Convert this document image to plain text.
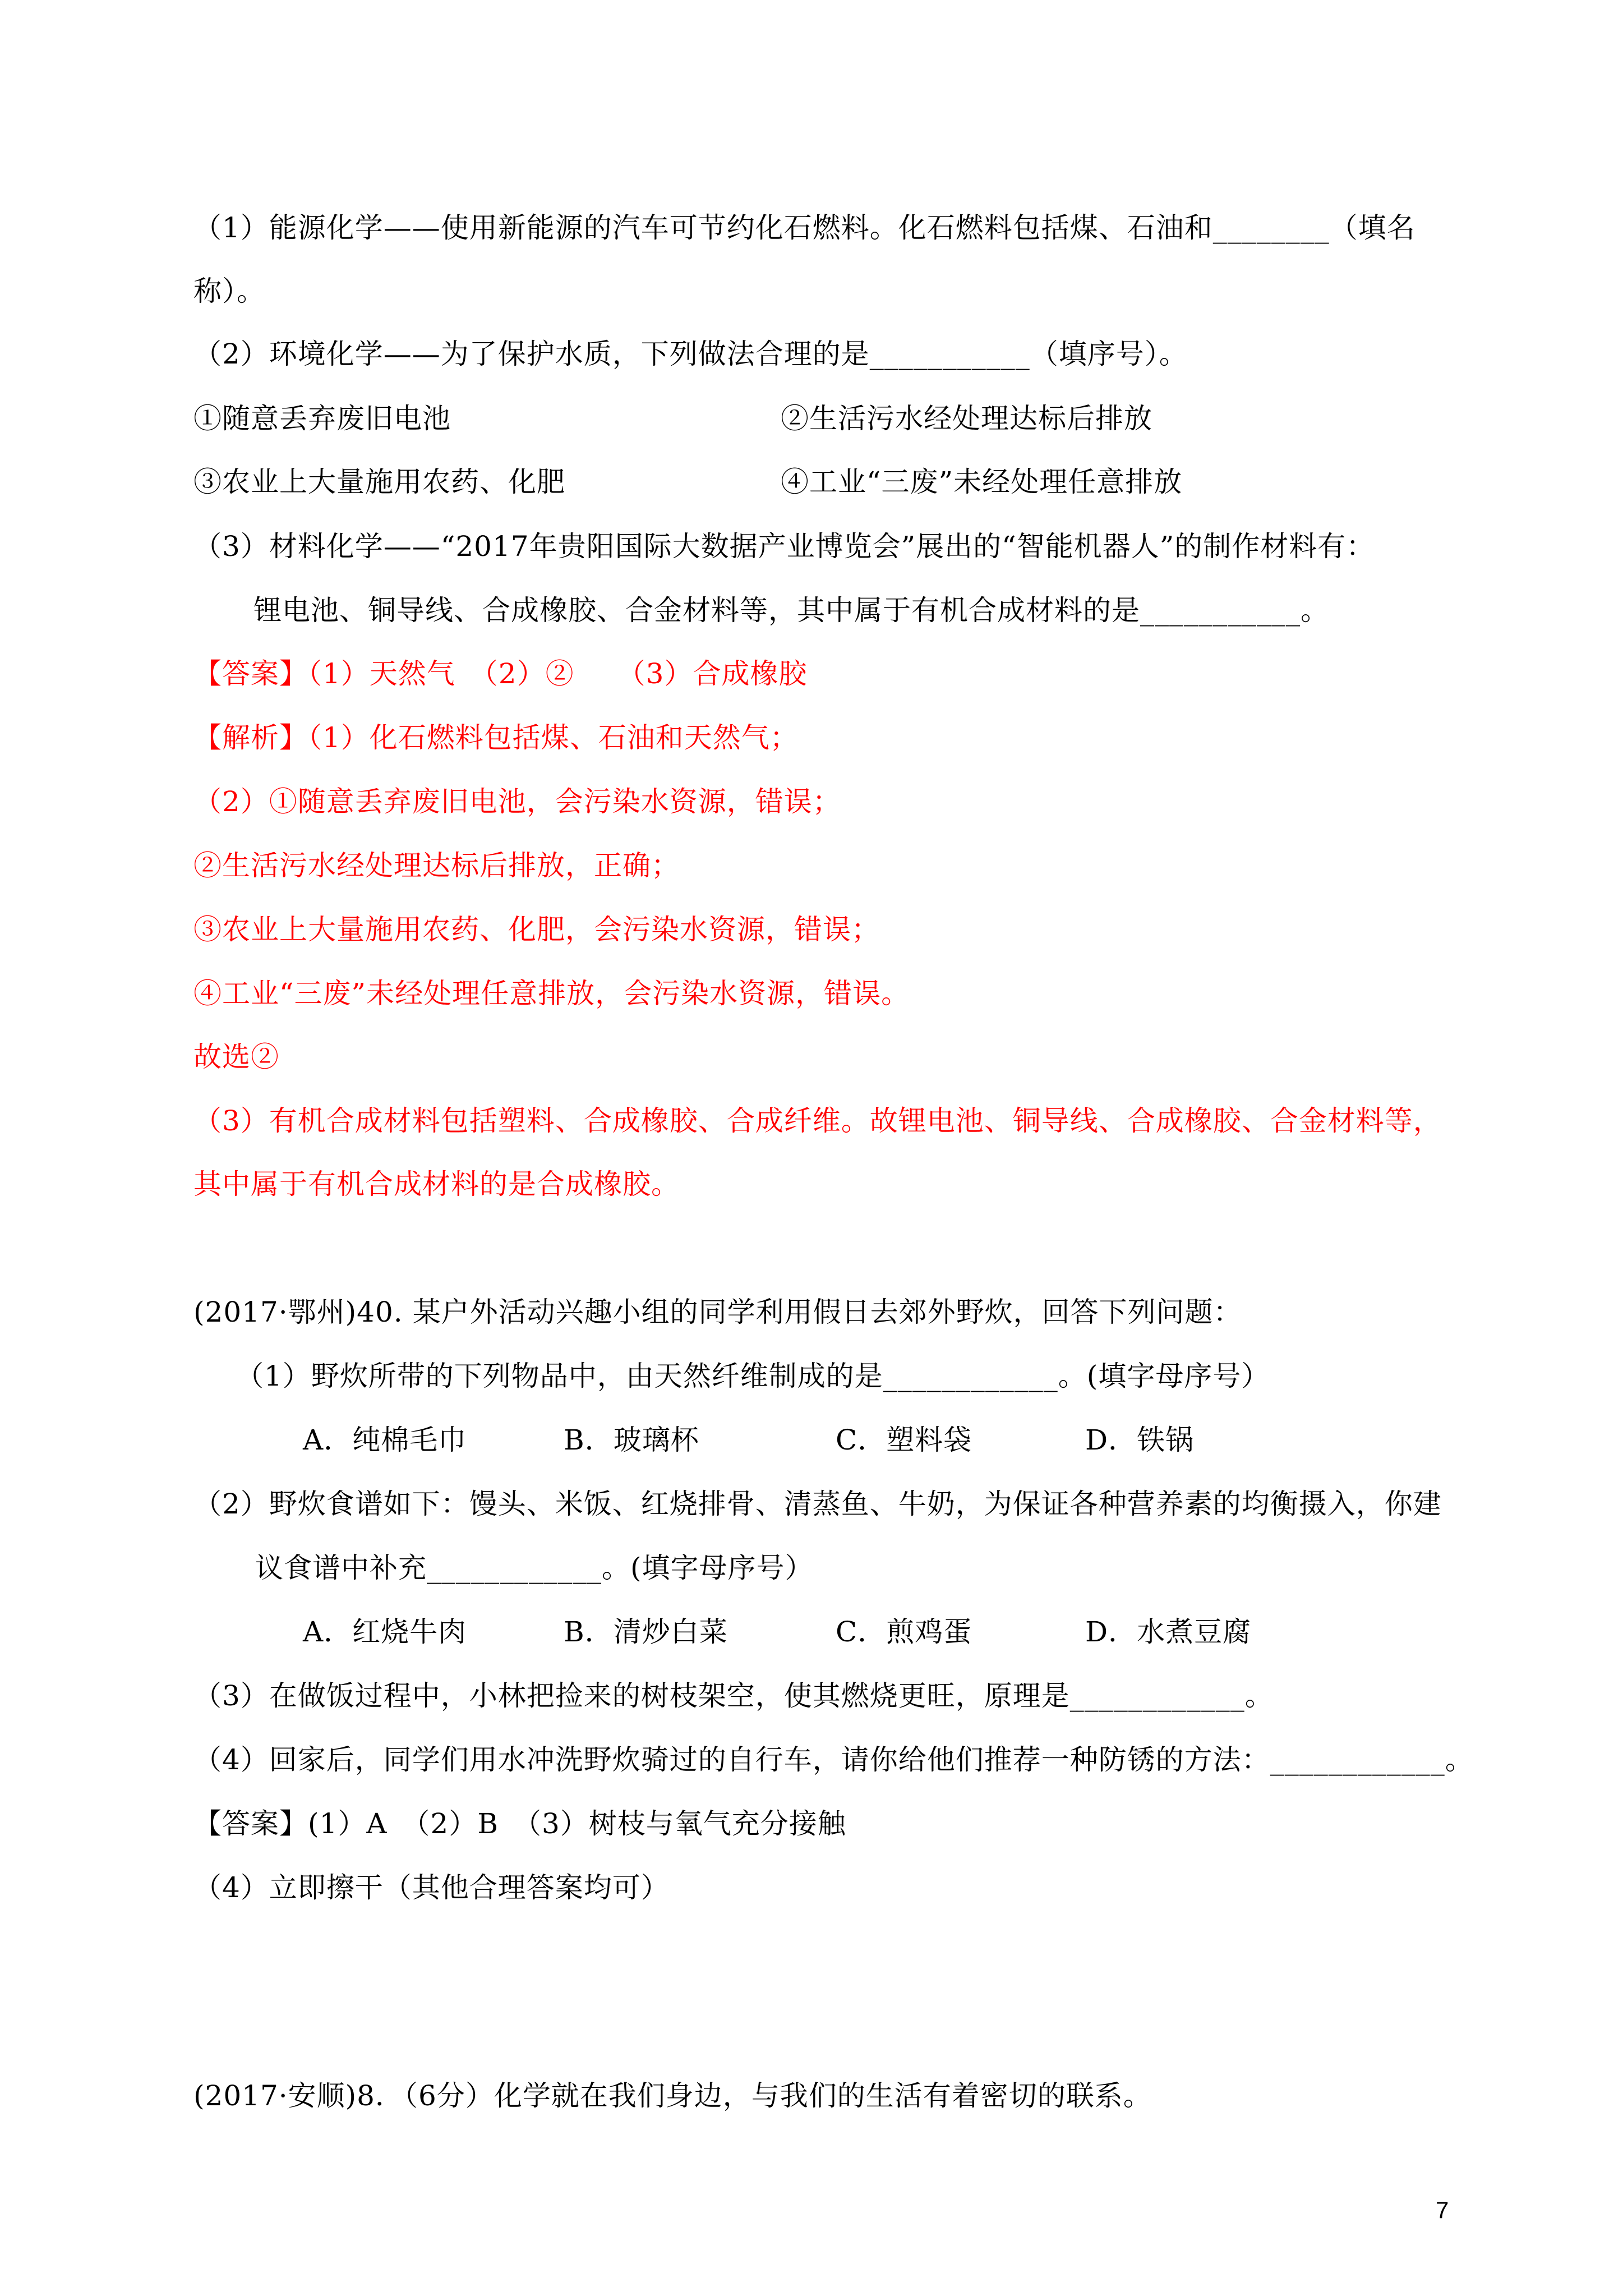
（1）能源化学——使用新能源的汽车可节约化石燃料。化石燃料包括煤、石油和________（填名
称）。
（2）环境化学——为了保护水质，下列做法合理的是___________（填序号）。
①随意丢弃废旧电池	②生活污水经处理达标后排放
③农业上大量施用农药、化肥	④工业“三废”未经处理任意排放
（3）材料化学——“2017年贵阳国际大数据产业博览会”展出的“智能机器人”的制作材料有：
锂电池、铜导线、合成橡胶、合金材料等，其中属于有机合成材料的是___________。
【答案】（1）天然气　（2）②　　（3）合成橡胶
【解析】（1）化石燃料包括煤、石油和天然气；
（2）①随意丢弃废旧电池，会污染水资源，错误；
②生活污水经处理达标后排放，正确；
③农业上大量施用农药、化肥，会污染水资源，错误；
④工业“三废”未经处理任意排放，会污染水资源，错误。
故选②
（3）有机合成材料包括塑料、合成橡胶、合成纤维。故锂电池、铜导线、合成橡胶、合金材料等，
其中属于有机合成材料的是合成橡胶。
(2017·鄂州)40. 某户外活动兴趣小组的同学利用假日去郊外野炊，回答下列问题：
（1）野炊所带的下列物品中，由天然纤维制成的是____________。(填字母序号）
A．纯棉毛巾	B．玻璃杯	C．塑料袋	D．铁锅
（2）野炊食谱如下：馒头、米饭、红烧排骨、清蒸鱼、牛奶，为保证各种营养素的均衡摄入，你建
议食谱中补充____________。(填字母序号）
A．红烧牛肉	B．清炒白菜	C．煎鸡蛋	D．水煮豆腐
（3）在做饭过程中，小林把捡来的树枝架空，使其燃烧更旺，原理是____________。
（4）回家后，同学们用水冲洗野炊骑过的自行车，请你给他们推荐一种防锈的方法：____________。
【答案】(1）A　（2）B　（3）树枝与氧气充分接触
（4）立即擦干（其他合理答案均可）
(2017·安顺)8．（6分）化学就在我们身边，与我们的生活有着密切的联系。
7
